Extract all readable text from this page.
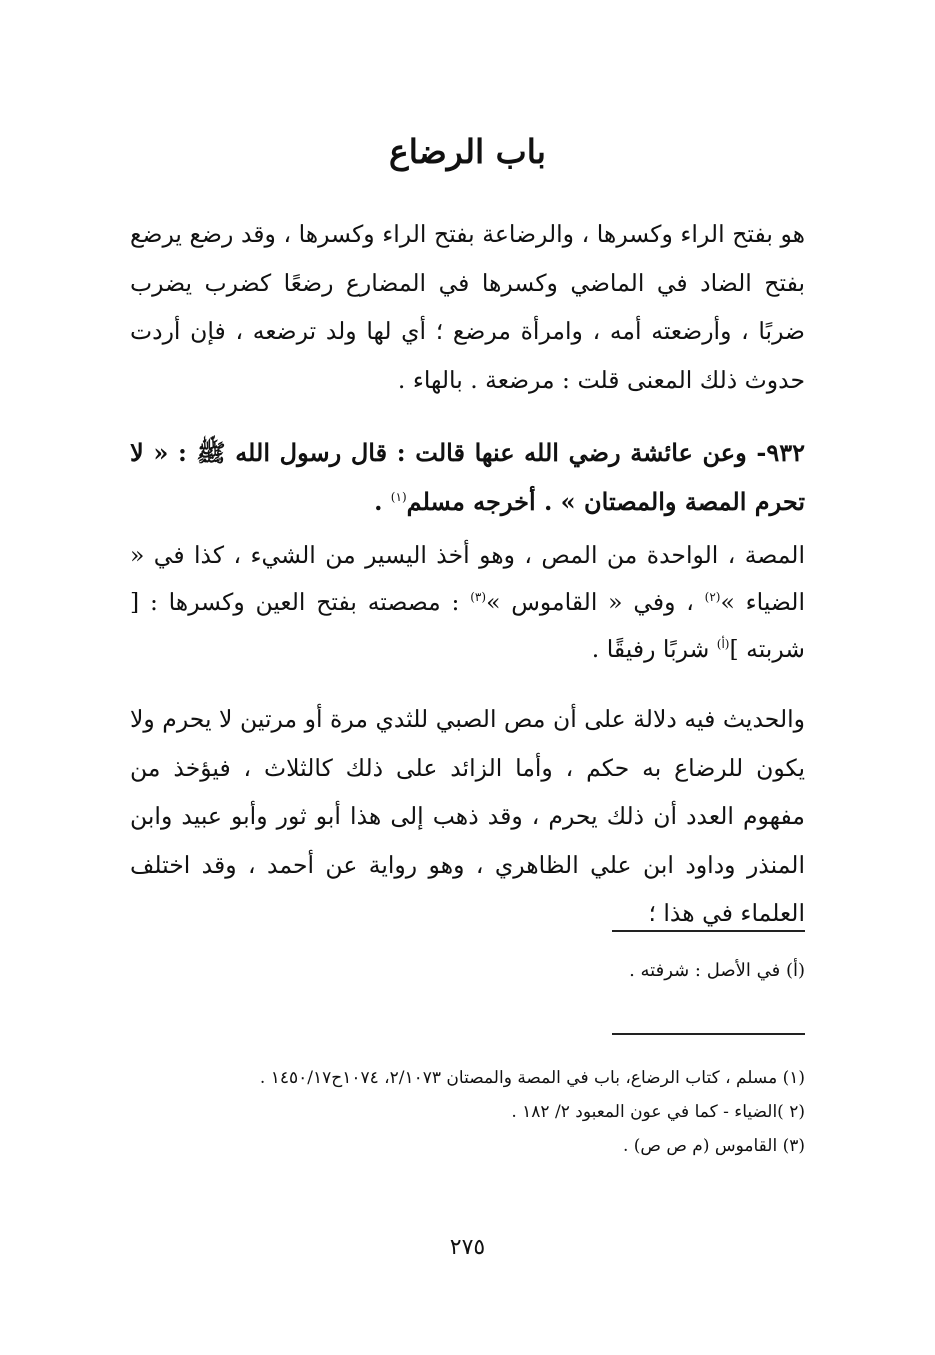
باب الرضاع

هو بفتح الراء وكسرها ، والرضاعة بفتح الراء وكسرها ، وقد رضع يرضع بفتح الضاد في الماضي وكسرها في المضارع رضعًا كضرب يضرب ضربًا ، وأرضعته أمه ، وامرأة مرضع ؛ أي لها ولد ترضعه ، فإن أردت حدوث ذلك المعنى قلت : مرضعة . بالهاء .

٩٣٢- وعن عائشة رضي الله عنها قالت : قال رسول الله ﷺ : « لا تحرم المصة والمصتان » . أخرجه مسلم$^{(١)}$ .

المصة ، الواحدة من المص ، وهو أخذ اليسير من الشيء ، كذا في « الضياء »$^{(٢)}$ ، وفي « القاموس »$^{(٣)}$ : مصصته بفتح العين وكسرها : [ شربته ]$^{(أ)}$ شربًا رفيقًا .

والحديث فيه دلالة على أن مص الصبي للثدي مرة أو مرتين لا يحرم ولا يكون للرضاع به حكم ، وأما الزائد على ذلك كالثلاث ، فيؤخذ من مفهوم العدد أن ذلك يحرم ، وقد ذهب إلى هذا أبو ثور وأبو عبيد وابن المنذر وداود ابن علي الظاهري ، وهو رواية عن أحمد ، وقد اختلف العلماء في هذا ؛

(أ) في الأصل : شرفته .

(١) مسلم ، كتاب الرضاع، باب في المصة والمصتان ٢/١٠٧٣، ١٠٧٤ح١٤٥٠/١٧ .
(٢ )الضياء - كما في عون المعبود ٢/ ١٨٢ .
(٣) القاموس (م ص ص) .

٢٧٥
